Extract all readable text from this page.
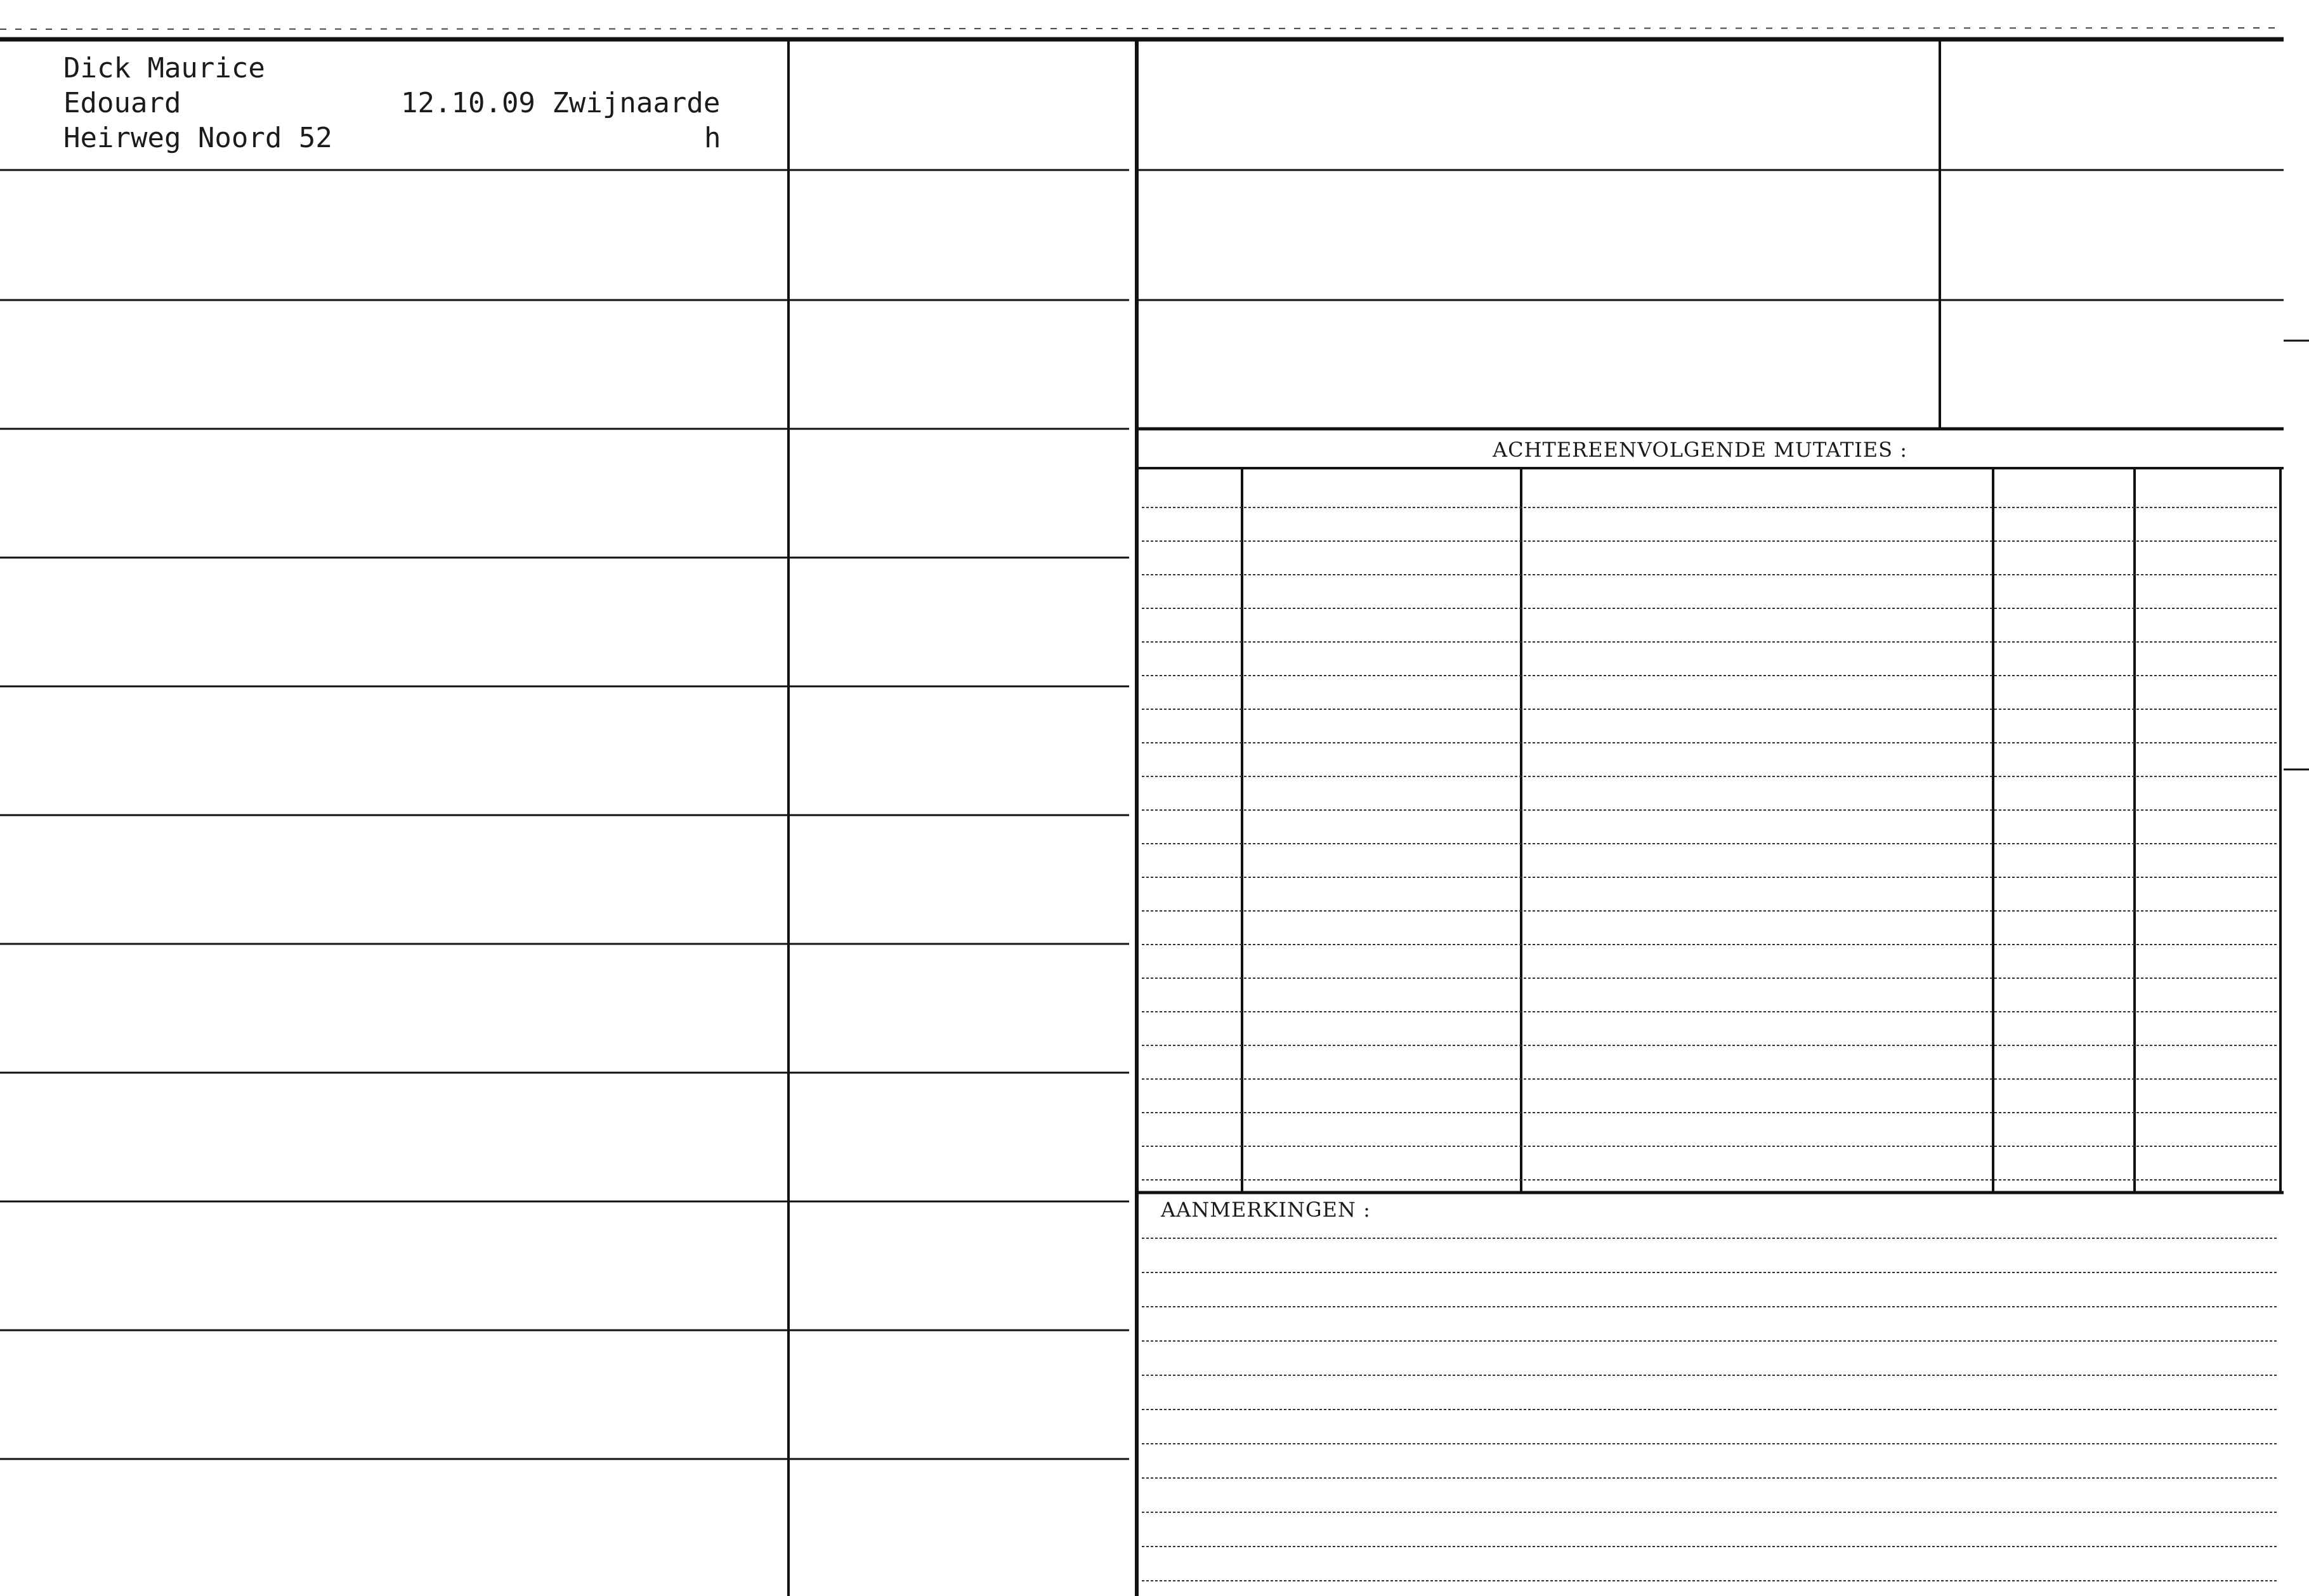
ACHTEREENVOLGENDE MUTATIES :
AANMERKINGEN :
Dick Maurice
Edouard
Heirweg Noord 52
12.10.09 Zwijnaarde
h
